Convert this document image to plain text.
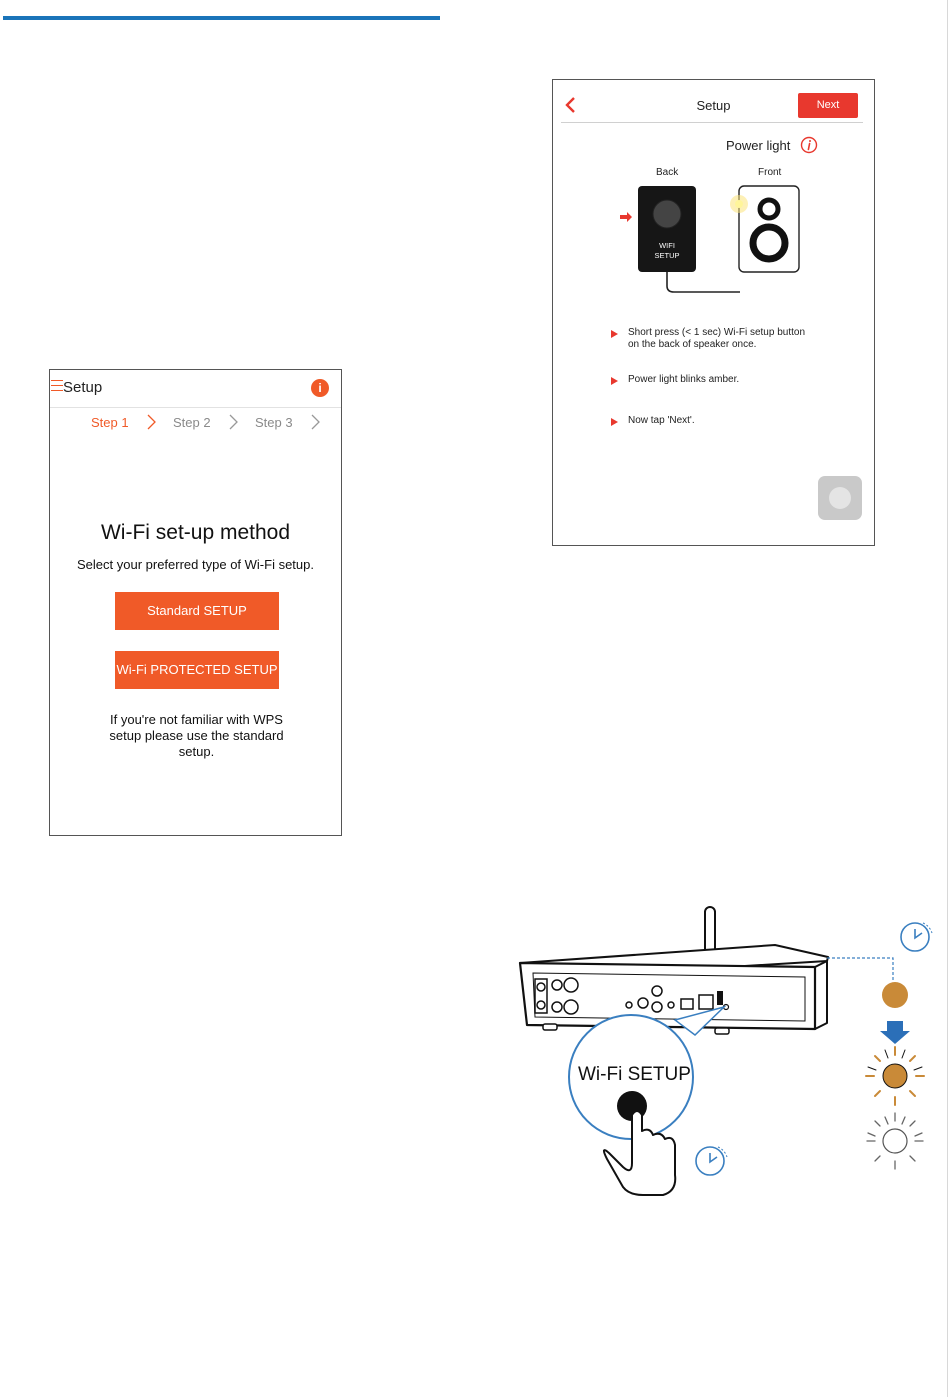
Setup	i
Step 1	Step 2	Step 3
Wi-Fi set-up method
Select your preferred type of Wi-Fi setup.
Standard SETUP
Wi-Fi PROTECTED SETUP
If you're not familiar with WPS setup please use the standard setup.
Setup	Next
Power light
Back	Front
WIFI
SETUP
Short press (< 1 sec) Wi-Fi setup button on the back of speaker once.
Power light blinks amber.
Now tap 'Next'.
Wi-Fi SETUP
